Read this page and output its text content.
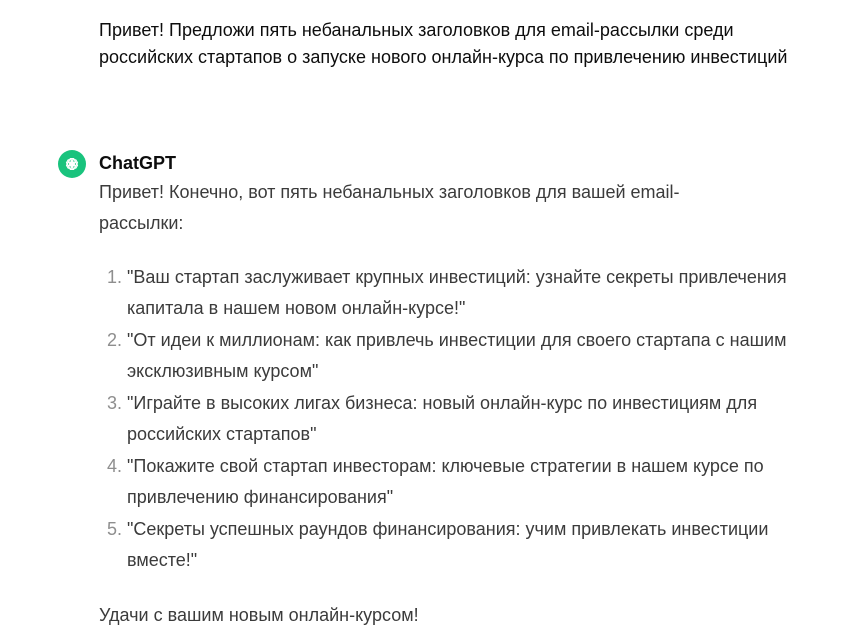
Привет! Предложи пять небанальных заголовков для email-рассылки среди российских стартапов о запуске нового онлайн-курса по привлечению инвестиций

ChatGPT

Привет! Конечно, вот пять небанальных заголовков для вашей email-рассылки:

1. "Ваш стартап заслуживает крупных инвестиций: узнайте секреты привлечения капитала в нашем новом онлайн-курсе!"
2. "От идеи к миллионам: как привлечь инвестиции для своего стартапа с нашим эксклюзивным курсом"
3. "Играйте в высоких лигах бизнеса: новый онлайн-курс по инвестициям для российских стартапов"
4. "Покажите свой стартап инвесторам: ключевые стратегии в нашем курсе по привлечению финансирования"
5. "Секреты успешных раундов финансирования: учим привлекать инвестиции вместе!"

Удачи с вашим новым онлайн-курсом!
